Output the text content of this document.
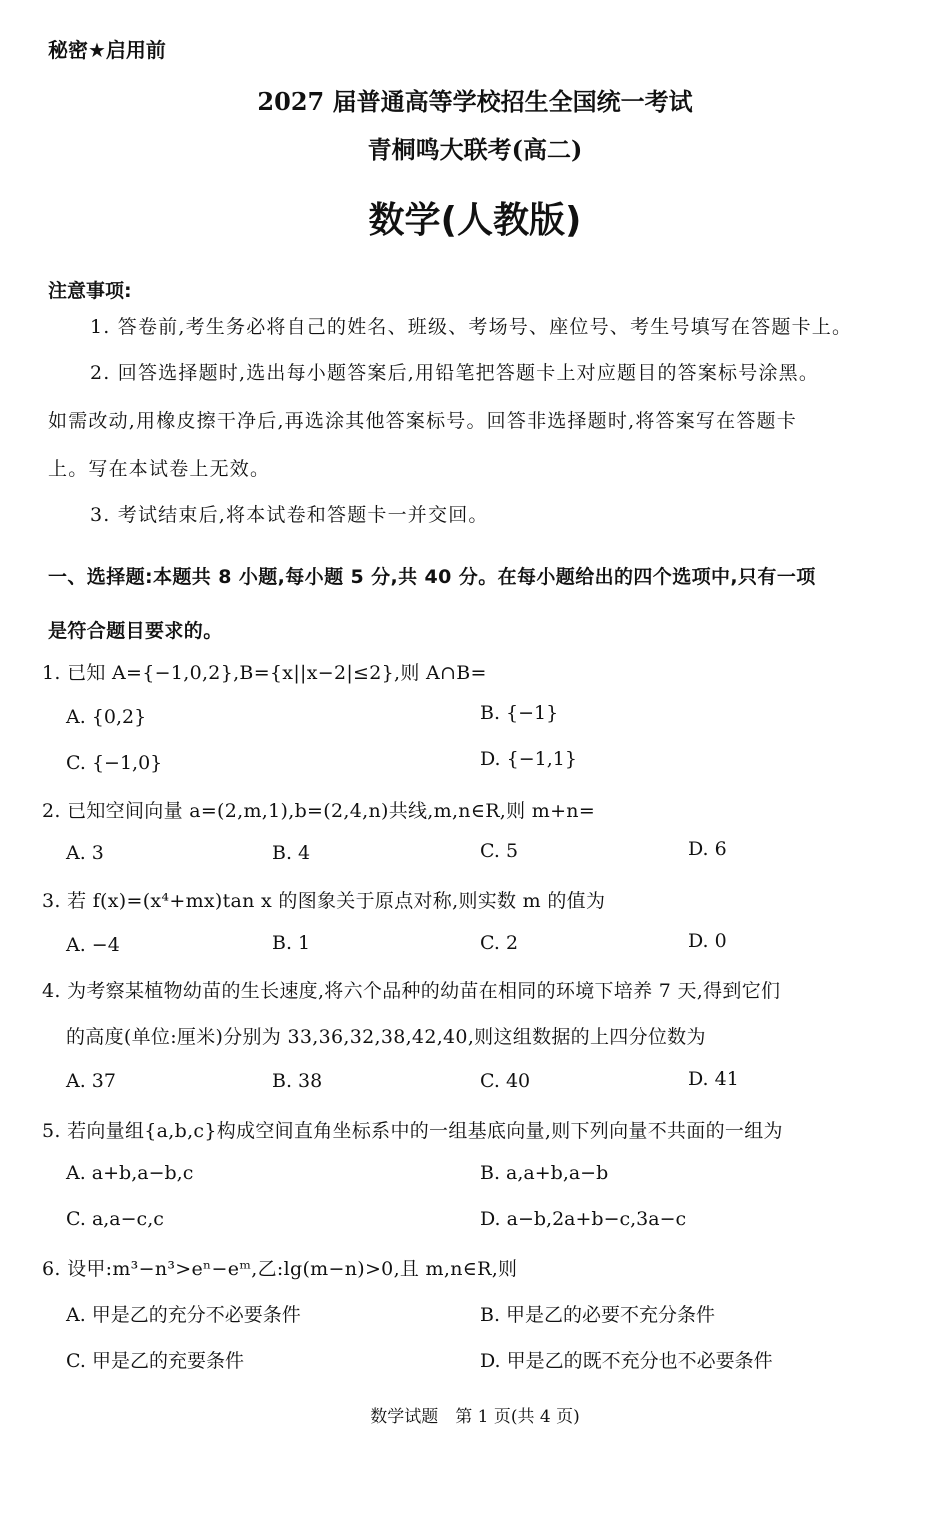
秘密★启用前
2027 届普通高等学校招生全国统一考试
青桐鸣大联考(高二)
数学(人教版)
注意事项:
1. 答卷前,考生务必将自己的姓名、班级、考场号、座位号、考生号填写在答题卡上。
2. 回答选择题时,选出每小题答案后,用铅笔把答题卡上对应题目的答案标号涂黑。
如需改动,用橡皮擦干净后,再选涂其他答案标号。回答非选择题时,将答案写在答题卡
上。写在本试卷上无效。
3. 考试结束后,将本试卷和答题卡一并交回。
一、选择题:本题共 8 小题,每小题 5 分,共 40 分。在每小题给出的四个选项中,只有一项
是符合题目要求的。
1. 已知 A={−1,0,2},B={x||x−2|≤2},则 A∩B=
A. {0,2}	B. {−1}
C. {−1,0}	D. {−1,1}
2. 已知空间向量 a=(2,m,1),b=(2,4,n)共线,m,n∈R,则 m+n=
A. 3	B. 4	C. 5	D. 6
3. 若 f(x)=(x⁴+mx)tan x 的图象关于原点对称,则实数 m 的值为
A. −4	B. 1	C. 2	D. 0
4. 为考察某植物幼苗的生长速度,将六个品种的幼苗在相同的环境下培养 7 天,得到它们
的高度(单位:厘米)分别为 33,36,32,38,42,40,则这组数据的上四分位数为
A. 37	B. 38	C. 40	D. 41
5. 若向量组{a,b,c}构成空间直角坐标系中的一组基底向量,则下列向量不共面的一组为
A. a+b,a−b,c	B. a,a+b,a−b
C. a,a−c,c	D. a−b,2a+b−c,3a−c
6. 设甲:m³−n³>eⁿ−eᵐ,乙:lg(m−n)>0,且 m,n∈R,则
A. 甲是乙的充分不必要条件	B. 甲是乙的必要不充分条件
C. 甲是乙的充要条件	D. 甲是乙的既不充分也不必要条件
数学试题　第 1 页(共 4 页)
